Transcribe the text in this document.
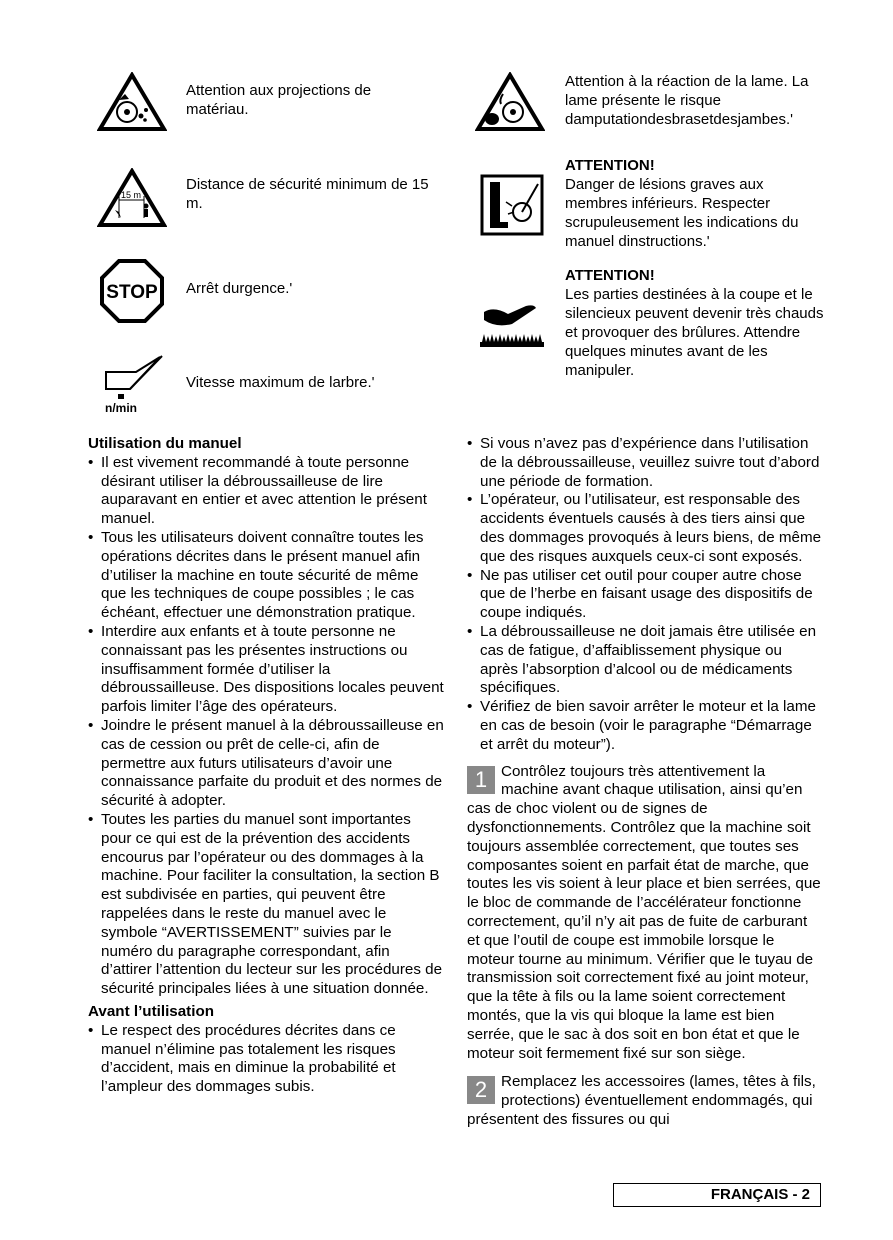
Attention aux projections de matériau.
15 m
Distance de sécurité minimum de 15 m.
STOP Arrêt durgence.'
n/min
Vitesse maximum de larbre.'
Attention à la réaction de la lame. La lame présente le risque damputationdesbrasetdesjambes.'
ATTENTION!
Danger de lésions graves aux membres inférieurs. Respecter scrupuleusement les indications du manuel dinstructions.'
ATTENTION!
Les parties destinées à la coupe et le silencieux peuvent devenir très chauds et provoquer des brûlures. Attendre quelques minutes avant de les manipuler.
Utilisation du manuel
• Il est vivement recommandé à toute personne désirant utiliser la débroussailleuse de lire auparavant en entier et avec attention le présent manuel.
• Tous les utilisateurs doivent connaître toutes les opérations décrites dans le présent manuel afin d’utiliser la machine en toute sécurité de même que les techniques de coupe possibles ; le cas échéant, effectuer une démonstration pratique.
• Interdire aux enfants et à toute personne ne connaissant pas les présentes instructions ou insuffisamment formée d’utiliser la débroussailleuse. Des dispositions locales peuvent parfois limiter l’âge des opérateurs.
• Joindre le présent manuel à la débroussailleuse en cas de cession ou prêt de celle-ci, afin de permettre aux futurs utilisateurs d’avoir une connaissance parfaite du produit et des normes de sécurité à adopter.
• Toutes les parties du manuel sont importantes pour ce qui est de la prévention des accidents encourus par l’opérateur ou des dommages à la machine. Pour faciliter la consultation, la section B est subdivisée en parties, qui peuvent être rappelées dans le reste du manuel avec le symbole “AVERTISSEMENT” suivies par le numéro du paragraphe correspondant, afin d’attirer l’attention du lecteur sur les procédures de sécurité principales liées à une situation donnée.
Avant l’utilisation
• Le respect des procédures décrites dans ce manuel n’élimine pas totalement les risques d’accident, mais en diminue la probabilité et l’ampleur des dommages subis.
• Si vous n’avez pas d’expérience dans l’utilisation de la débroussailleuse, veuillez suivre tout d’abord une période de formation.
• L’opérateur, ou l’utilisateur, est responsable des accidents éventuels causés à des tiers ainsi que des dommages provoqués à leurs biens, de même que des risques auxquels ceux-ci sont exposés.
• Ne pas utiliser cet outil pour couper autre chose que de l’herbe en faisant usage des dispositifs de coupe indiqués.
• La débroussailleuse ne doit jamais être utilisée en cas de fatigue, d’affaiblissement physique ou après l’absorption d’alcool ou de médicaments spécifiques.
• Vérifiez de bien savoir arrêter le moteur et la lame en cas de besoin (voir le paragraphe “Démarrage et arrêt du moteur”).

1 Contrôlez toujours très attentivement la machine avant chaque utilisation, ainsi qu’en cas de choc violent ou de signes de dysfonctionnements. Contrôlez que la machine soit toujours assemblée correctement, que toutes ses composantes soient en parfait état de marche, que toutes les vis soient à leur place et bien serrées, que le bloc de commande de l’accélérateur fonctionne correctement, qu’il n’y ait pas de fuite de carburant et que l’outil de coupe est immobile lorsque le moteur tourne au minimum. Vérifier que le tuyau de transmission soit correctement fixé au joint moteur, que la tête à fils ou la lame soient correctement montés, que la vis qui bloque la lame est bien serrée, que le sac à dos soit en bon état et que le moteur soit fermement fixé sur son siège.

2 Remplacez les accessoires (lames, têtes à fils, protections) éventuellement endommagés, qui présentent des fissures ou qui

FRANÇAIS - 2
